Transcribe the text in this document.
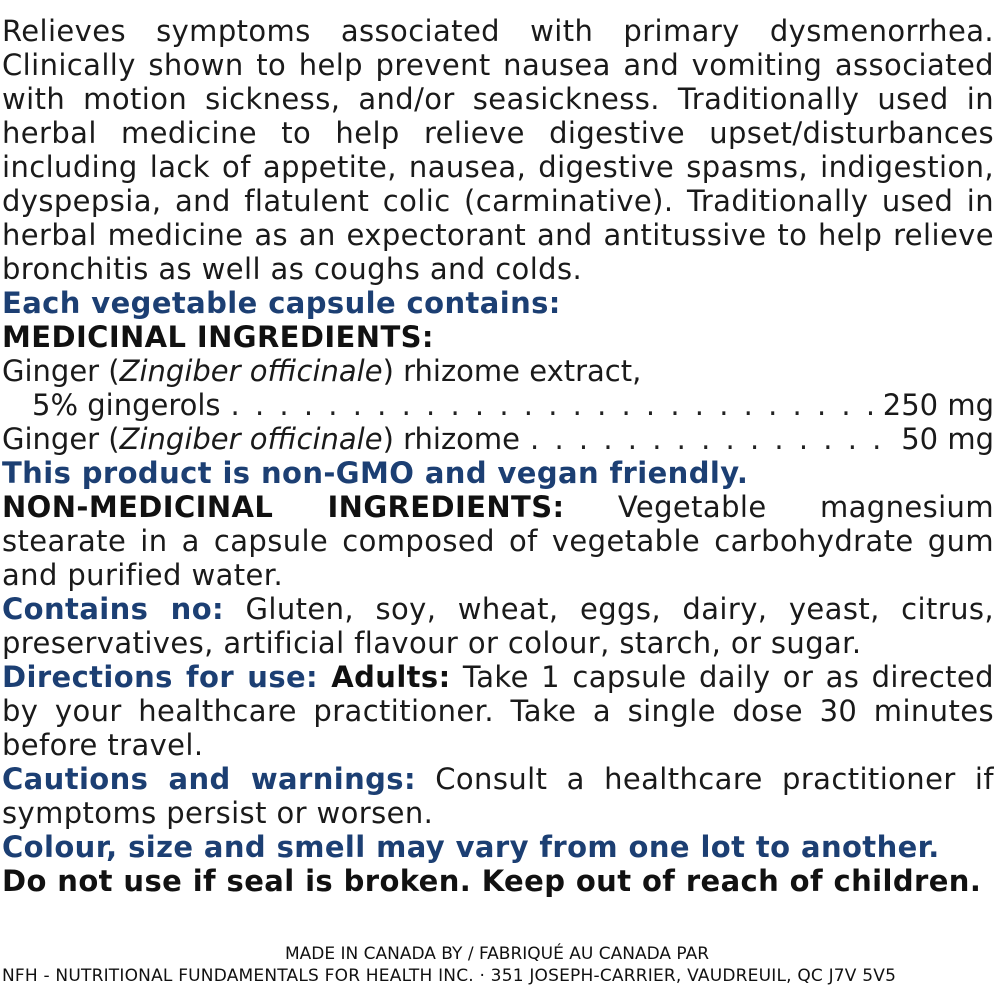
Relieves symptoms associated with primary dysmenorrhea. Clinically shown to help prevent nausea and vomiting associated with motion sickness, and/or seasickness. Traditionally used in herbal medicine to help relieve digestive upset/disturbances including lack of appetite, nausea, digestive spasms, indigestion, dyspepsia, and flatulent colic (carminative). Traditionally used in herbal medicine as an expectorant and antitussive to help relieve bronchitis as well as coughs and colds.

Each vegetable capsule contains:

MEDICINAL INGREDIENTS:

Ginger ( Zingiber officinale ) rhizome extract,
5% gingerols . . .	250 mg
Ginger (Zingiber officinale) rhizome . . .	50 mg

This product is non-GMO and vegan friendly.

NON-MEDICINAL INGREDIENTS: Vegetable magnesium stearate in a capsule composed of vegetable carbohydrate gum and purified water.

Contains no: Gluten, soy, wheat, eggs, dairy, yeast, citrus, preservatives, artificial flavour or colour, starch, or sugar.

Directions for use: Adults: Take 1 capsule daily or as directed by your healthcare practitioner. Take a single dose 30 minutes before travel.

Cautions and warnings: Consult a healthcare practitioner if symptoms persist or worsen.

Colour, size and smell may vary from one lot to another.

Do not use if seal is broken. Keep out of reach of children.

MADE IN CANADA BY / FABRIQUÉ AU CANADA PAR
NFH - NUTRITIONAL FUNDAMENTALS FOR HEALTH INC. · 351 JOSEPH-CARRIER, VAUDREUIL, QC J7V 5V5
